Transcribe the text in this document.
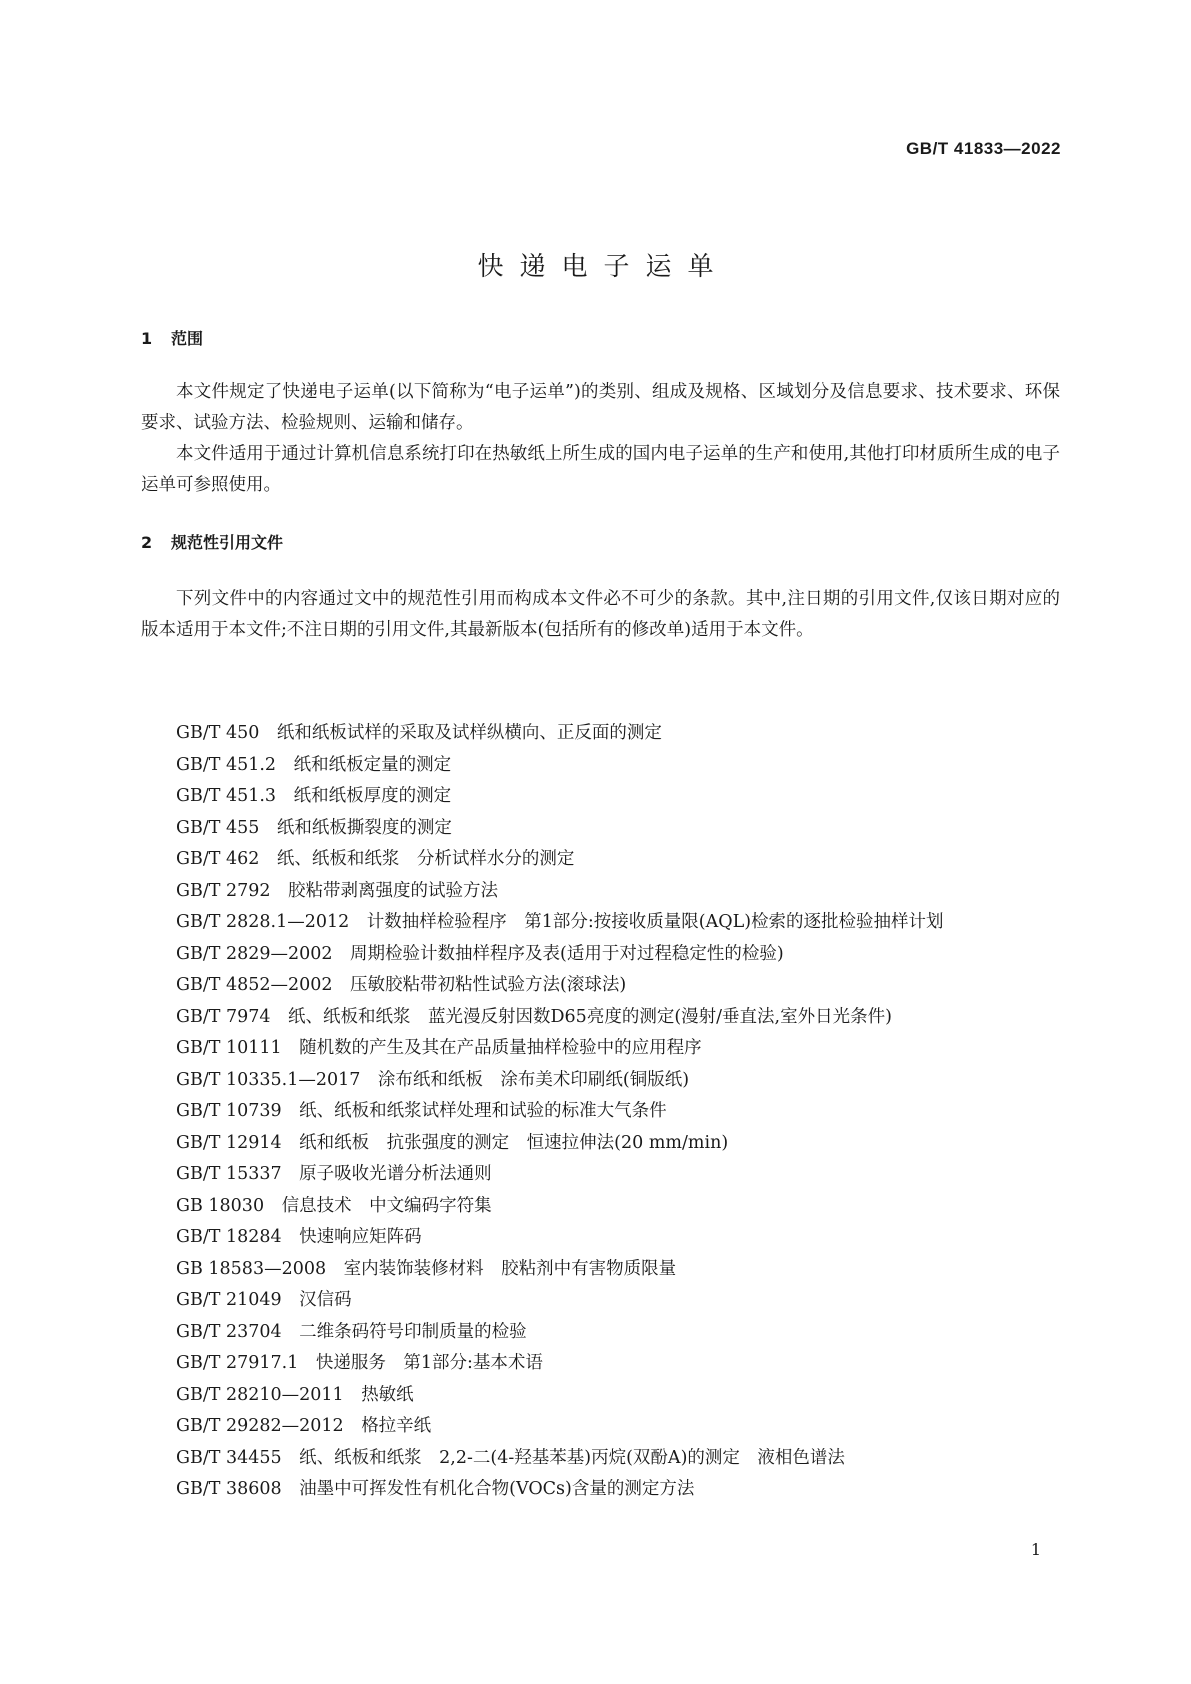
GB/T 41833—2022
快递电子运单
1 范围

本文件规定了快递电子运单(以下简称为“电子运单”)的类别、组成及规格、区域划分及信息要求、技术要求、环保要求、试验方法、检验规则、运输和储存。

本文件适用于通过计算机信息系统打印在热敏纸上所生成的国内电子运单的生产和使用,其他打印材质所生成的电子运单可参照使用。

2 规范性引用文件

下列文件中的内容通过文中的规范性引用而构成本文件必不可少的条款。其中,注日期的引用文件,仅该日期对应的版本适用于本文件;不注日期的引用文件,其最新版本(包括所有的修改单)适用于本文件。

GB/T 450 纸和纸板试样的采取及试样纵横向、正反面的测定
GB/T 451.2 纸和纸板定量的测定
GB/T 451.3 纸和纸板厚度的测定
GB/T 455 纸和纸板撕裂度的测定
GB/T 462 纸、纸板和纸浆　分析试样水分的测定
GB/T 2792 胶粘带剥离强度的试验方法
GB/T 2828.1—2012 计数抽样检验程序　第1部分:按接收质量限(AQL)检索的逐批检验抽样计划
GB/T 2829—2002 周期检验计数抽样程序及表(适用于对过程稳定性的检验)
GB/T 4852—2002 压敏胶粘带初粘性试验方法(滚球法)
GB/T 7974 纸、纸板和纸浆　蓝光漫反射因数D65亮度的测定(漫射/垂直法,室外日光条件)
GB/T 10111 随机数的产生及其在产品质量抽样检验中的应用程序
GB/T 10335.1—2017 涂布纸和纸板　涂布美术印刷纸(铜版纸)
GB/T 10739 纸、纸板和纸浆试样处理和试验的标准大气条件
GB/T 12914 纸和纸板　抗张强度的测定　恒速拉伸法(20 mm/min)
GB/T 15337 原子吸收光谱分析法通则
GB 18030 信息技术　中文编码字符集
GB/T 18284 快速响应矩阵码
GB 18583—2008 室内装饰装修材料　胶粘剂中有害物质限量
GB/T 21049 汉信码
GB/T 23704 二维条码符号印制质量的检验
GB/T 27917.1 快递服务　第1部分:基本术语
GB/T 28210—2011 热敏纸
GB/T 29282—2012 格拉辛纸
GB/T 34455 纸、纸板和纸浆　2,2-二(4-羟基苯基)丙烷(双酚A)的测定　液相色谱法
GB/T 38608 油墨中可挥发性有机化合物(VOCs)含量的测定方法
1
